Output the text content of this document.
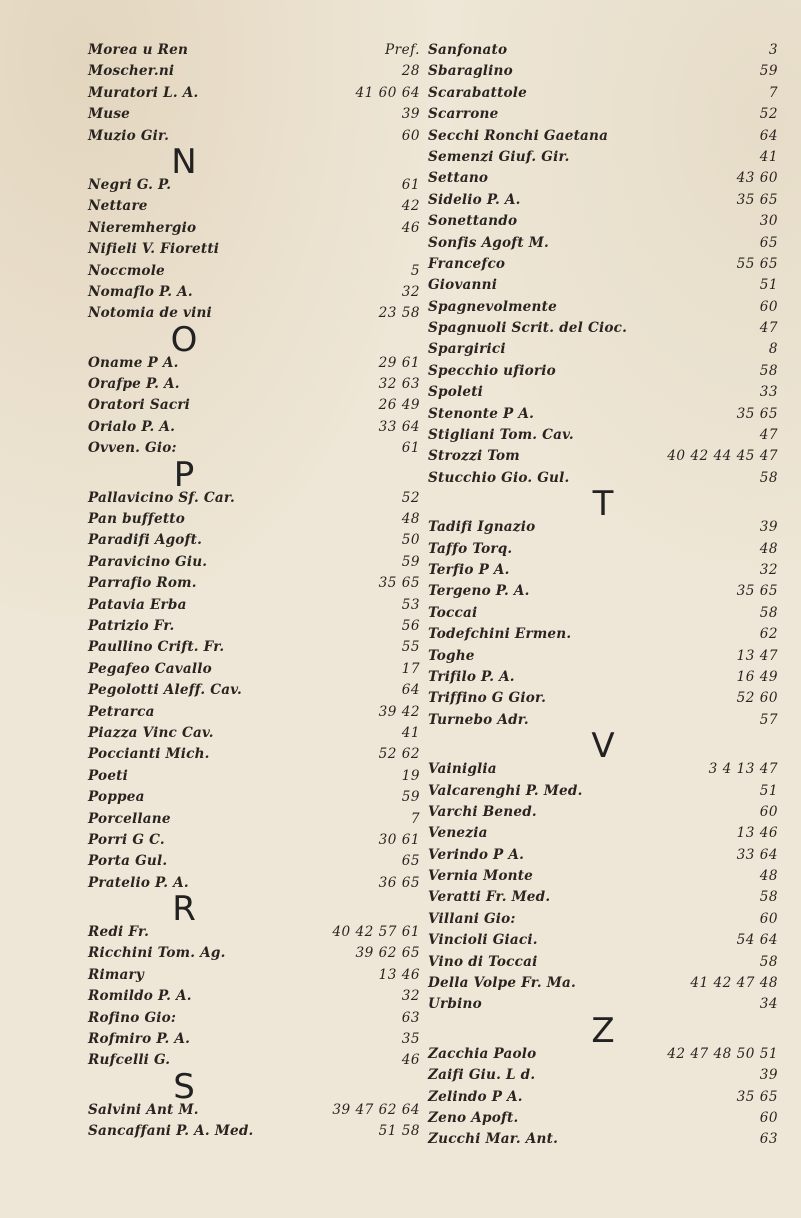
Morea u Ren	Pref.
Moscher.ni	28
Muratori L. A.	41 60 64
Muse	39
Muzio Gir.	60
N
Negri G. P.	61
Nettare	42
Nieremhergio	46
Nifieli V. Fioretti
Noccmole	5
Nomaflo P. A.	32
Notomia de vini	23 58
O
Oname P A.	29 61
Orafpe P. A.	32 63
Oratori Sacri	26 49
Orialo P. A.	33 64
Ovven. Gio:	61
P
Pallavicino Sf. Car.	52
Pan buffetto	48
Paradifi Agoft.	50
Paravicino Giu.	59
Parrafio Rom.	35 65
Patavia Erba	53
Patrizio Fr.	56
Paullino Crift. Fr.	55
Pegafeo Cavallo	17
Pegolotti Aleff. Cav.	64
Petrarca	39 42
Piazza Vinc Cav.	41
Poccianti Mich.	52 62
Poeti	19
Poppea	59
Porcellane	7
Porri G C.	30 61
Porta Gul.	65
Pratelio P. A.	36 65
R
Redi Fr.	40 42 57 61
Ricchini Tom. Ag.	39 62 65
Rimary	13 46
Romildo P. A.	32
Rofino Gio:	63
Rofmiro P. A.	35
Rufcelli G.	46
S
Salvini Ant M.	39 47 62 64
Sancaffani P. A. Med.	51 58
Sanfonato	3
Sbaraglino	59
Scarabattole	7
Scarrone	52
Secchi Ronchi Gaetana	64
Semenzi Giuf. Gir.	41
Settano	43 60
Sidelio P. A.	35 65
Sonettando	30
Sonfis Agoft M.	65
Francefco	55 65
Giovanni	51
Spagnevolmente	60
Spagnuoli Scrit. del Cioc.	47
Spargirici	8
Specchio ufiorio	58
Spoleti	33
Stenonte P A.	35 65
Stigliani Tom. Cav.	47
Strozzi Tom	40 42 44 45 47
Stucchio Gio. Gul.	58
T
Tadifi Ignazio	39
Taffo Torq.	48
Terfio P A.	32
Tergeno P. A.	35 65
Toccai	58
Todefchini Ermen.	62
Toghe	13 47
Trifilo P. A.	16 49
Triffino G Gior.	52 60
Turnebo Adr.	57
V
Vainiglia	3 4 13 47
Valcarenghi P. Med.	51
Varchi Bened.	60
Venezia	13 46
Verindo P A.	33 64
Vernia Monte	48
Veratti Fr. Med.	58
Villani Gio:	60
Vincioli Giaci.	54 64
Vino di Toccai	58
Della Volpe Fr. Ma.	41 42 47 48
Urbino	34
Z
Zacchia Paolo	42 47 48 50 51
Zaifi Giu. L d.	39
Zelindo P A.	35 65
Zeno Apoft.	60
Zucchi Mar. Ant.	63
